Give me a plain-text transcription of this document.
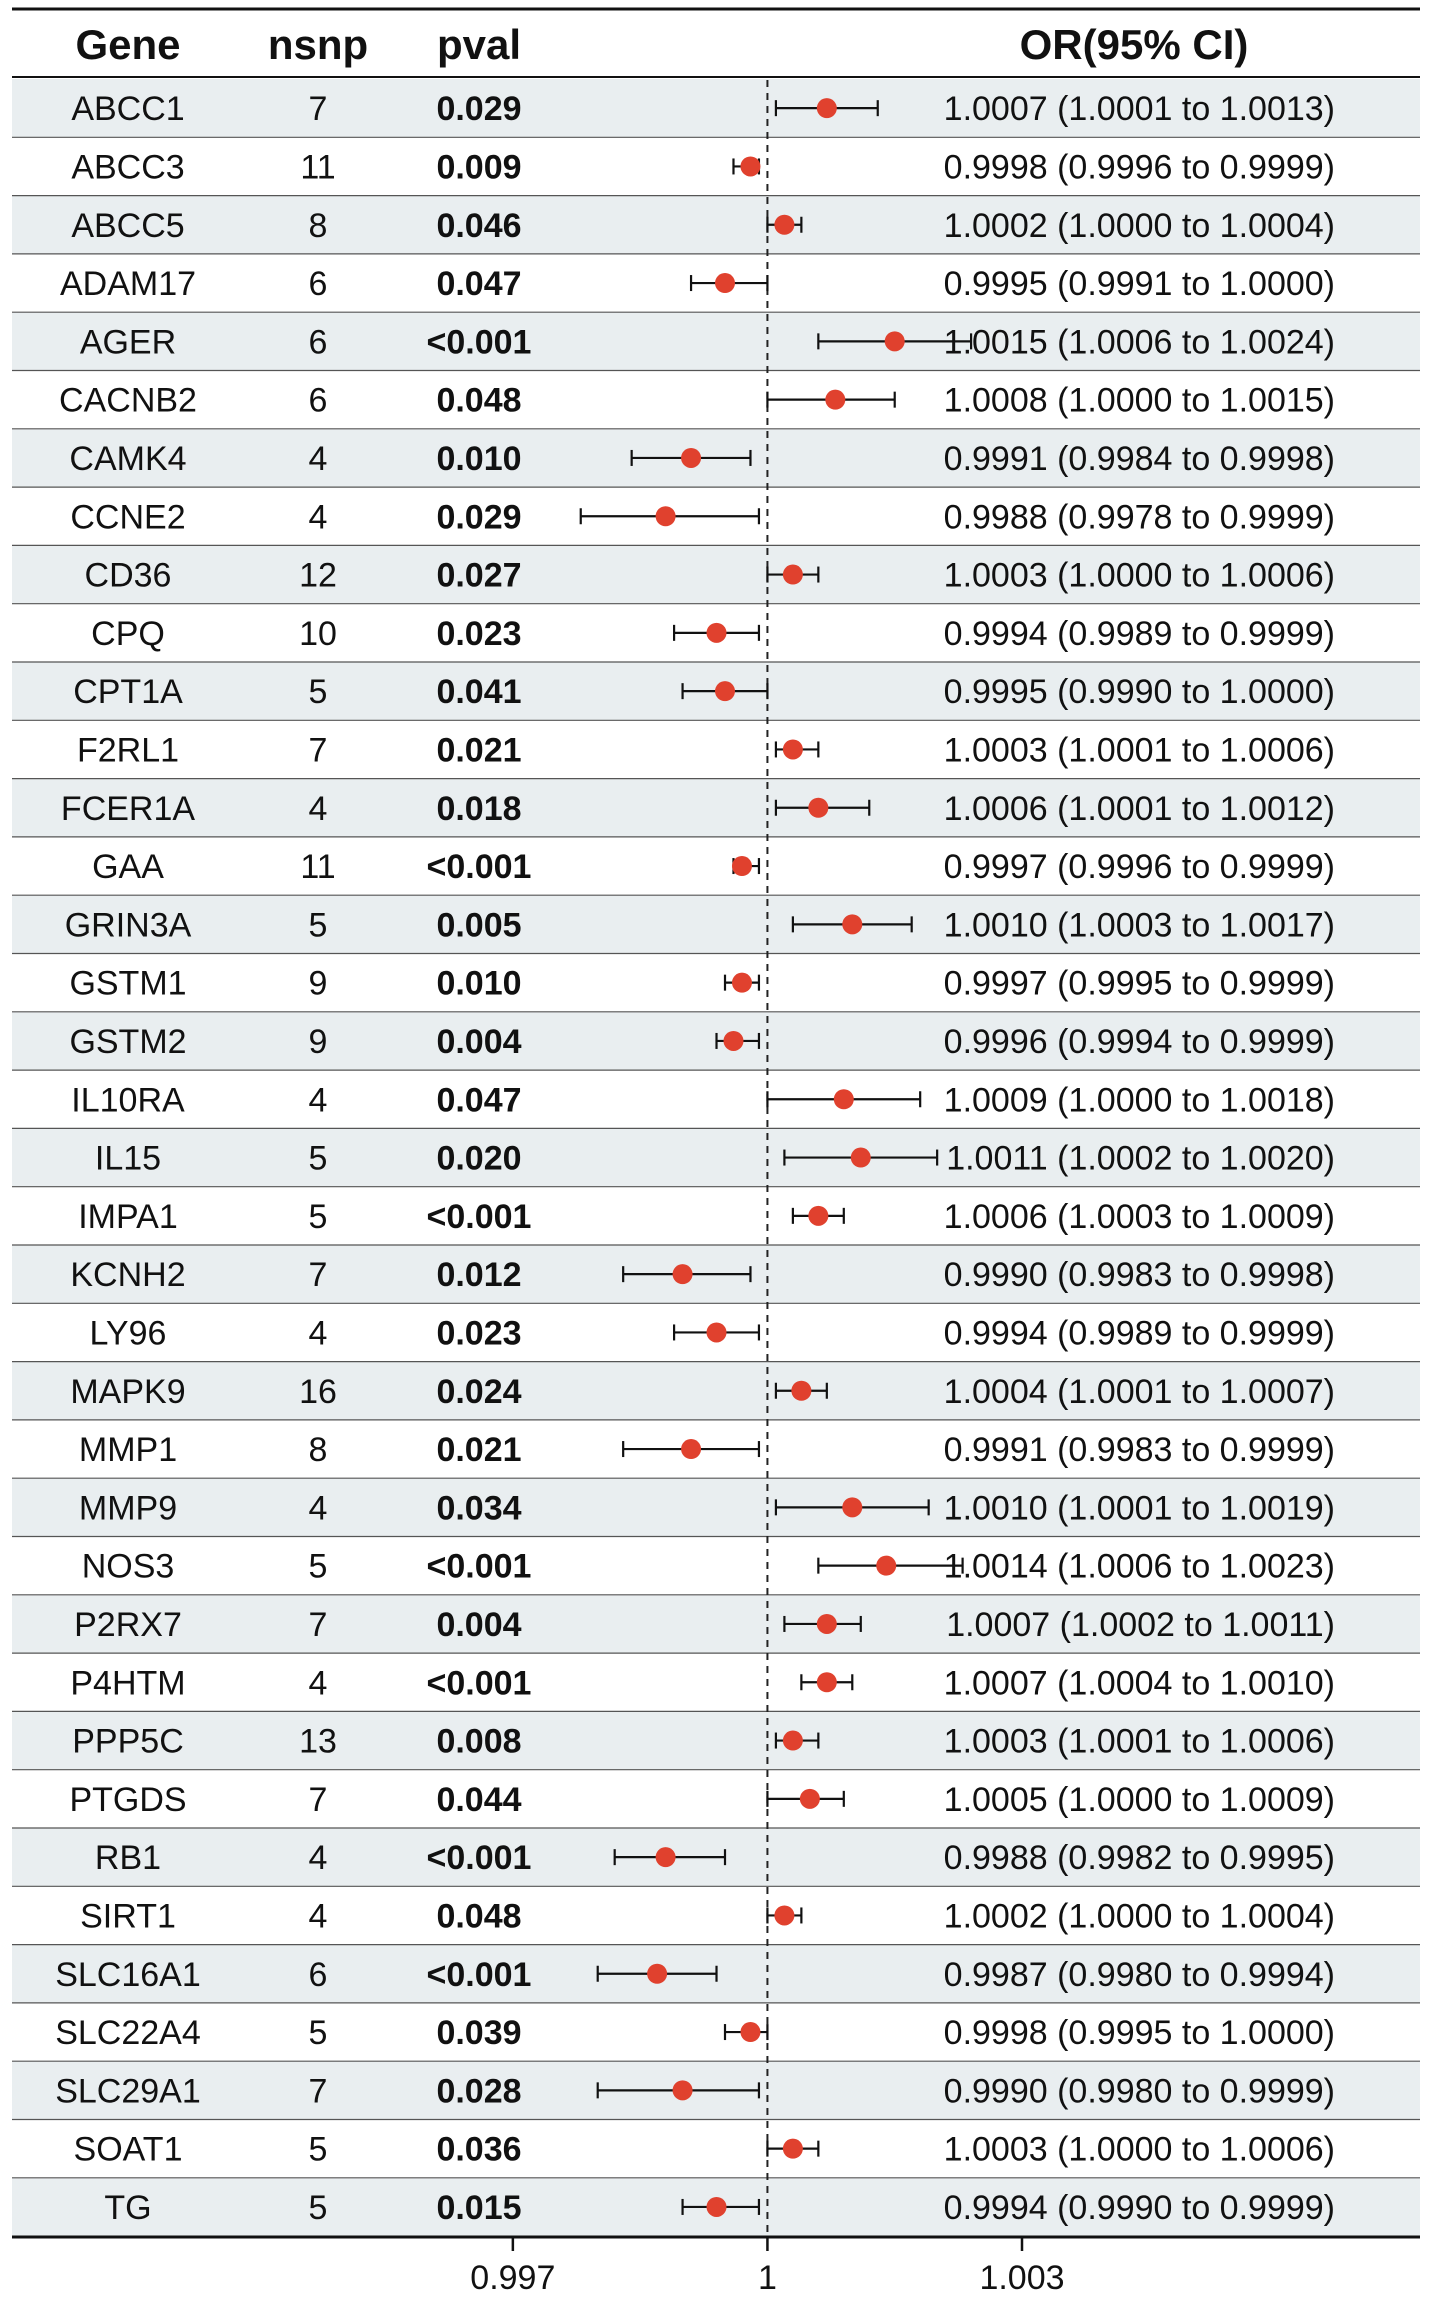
Gene nsnp pval	OR(95% CI)
ABCC1	7	0.029	1.0007 (1.0001 to 1.0013)
ABCC3	11	0.009	0.9998 (0.9996 to 0.9999)
ABCC5	8	0.046	1.0002 (1.0000 to 1.0004)
ADAM17	6	0.047	0.9995 (0.9991 to 1.0000)
AGER	6	<0.001	1.0015 (1.0006 to 1.0024)
CACNB2	6	0.048	1.0008 (1.0000 to 1.0015)
CAMK4	4	0.010	0.9991 (0.9984 to 0.9998)
CCNE2	4	0.029	0.9988 (0.9978 to 0.9999)
CD36	12	0.027	1.0003 (1.0000 to 1.0006)
CPQ	10	0.023	0.9994 (0.9989 to 0.9999)
CPT1A	5	0.041	0.9995 (0.9990 to 1.0000)
F2RL1	7	0.021	1.0003 (1.0001 to 1.0006)
FCER1A	4	0.018	1.0006 (1.0001 to 1.0012)
GAA	11	<0.001	0.9997 (0.9996 to 0.9999)
GRIN3A	5	0.005	1.0010 (1.0003 to 1.0017)
GSTM1	9	0.010	0.9997 (0.9995 to 0.9999)
GSTM2	9	0.004	0.9996 (0.9994 to 0.9999)
IL10RA	4	0.047	1.0009 (1.0000 to 1.0018)
IL15	5	0.020	1.0011 (1.0002 to 1.0020)
IMPA1	5	<0.001	1.0006 (1.0003 to 1.0009)
KCNH2	7	0.012	0.9990 (0.9983 to 0.9998)
LY96	4	0.023	0.9994 (0.9989 to 0.9999)
MAPK9	16	0.024	1.0004 (1.0001 to 1.0007)
MMP1	8	0.021	0.9991 (0.9983 to 0.9999)
MMP9	4	0.034	1.0010 (1.0001 to 1.0019)
NOS3	5	<0.001	1.0014 (1.0006 to 1.0023)
P2RX7	7	0.004	1.0007 (1.0002 to 1.0011)
P4HTM	4	<0.001	1.0007 (1.0004 to 1.0010)
PPP5C	13	0.008	1.0003 (1.0001 to 1.0006)
PTGDS	7	0.044	1.0005 (1.0000 to 1.0009)
RB1	4	<0.001	0.9988 (0.9982 to 0.9995)
SIRT1	4	0.048	1.0002 (1.0000 to 1.0004)
SLC16A1	6	<0.001	0.9987 (0.9980 to 0.9994)
SLC22A4	5	0.039	0.9998 (0.9995 to 1.0000)
SLC29A1	7	0.028	0.9990 (0.9980 to 0.9999)
SOAT1	5	0.036	1.0003 (1.0000 to 1.0006)
TG	5	0.015	0.9994 (0.9990 to 0.9999)
0.997	1	1.003
